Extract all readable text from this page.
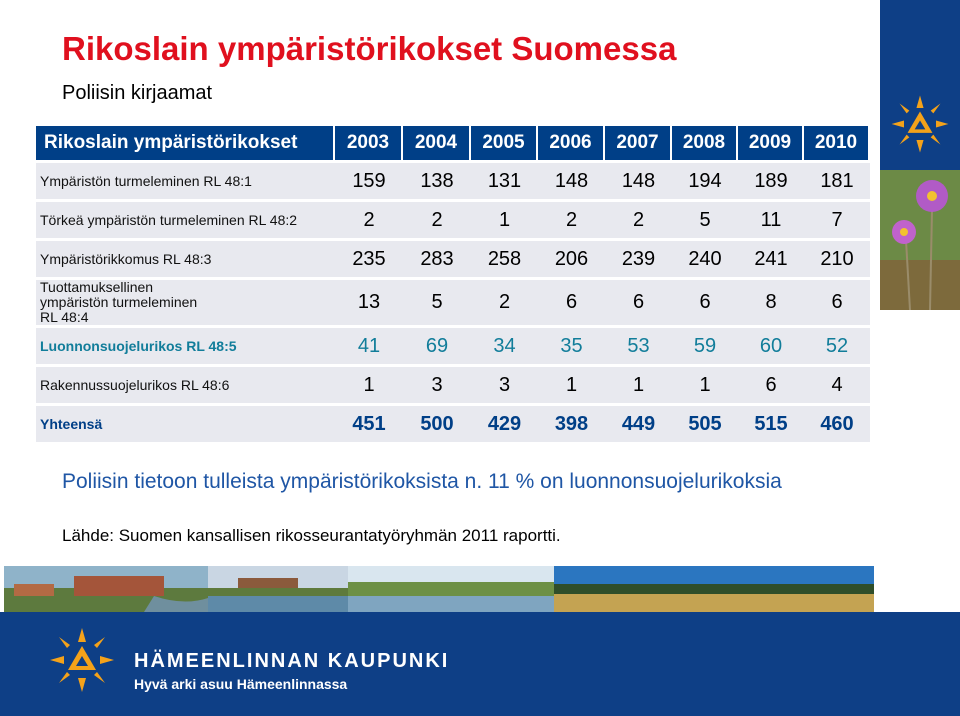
Rikoslain ympäristörikokset Suomessa
Poliisin kirjaamat
Rikoslain ympäristörikokset	2003	2004	2005	2006	2007	2008	2009	2010
Ympäristön turmeleminen RL 48:1	159	138	131	148	148	194	189	181
Törkeä ympäristön turmeleminen RL 48:2	2	2	1	2	2	5	11	7
Ympäristörikkomus RL 48:3	235	283	258	206	239	240	241	210
Tuottamuksellinen ympäristön turmeleminen RL 48:4	13	5	2	6	6	6	8	6
Luonnonsuojelurikos RL 48:5	41	69	34	35	53	59	60	52
Rakennussuojelurikos RL 48:6	1	3	3	1	1	1	6	4
Yhteensä	451	500	429	398	449	505	515	460
Poliisin tietoon tulleista ympäristörikoksista n. 11 % on luonnonsuojelurikoksia
Lähde: Suomen kansallisen rikosseurantatyöryhmän 2011 raportti.
HÄMEENLINNAN KAUPUNKI
Hyvä arki asuu Hämeenlinnassa
